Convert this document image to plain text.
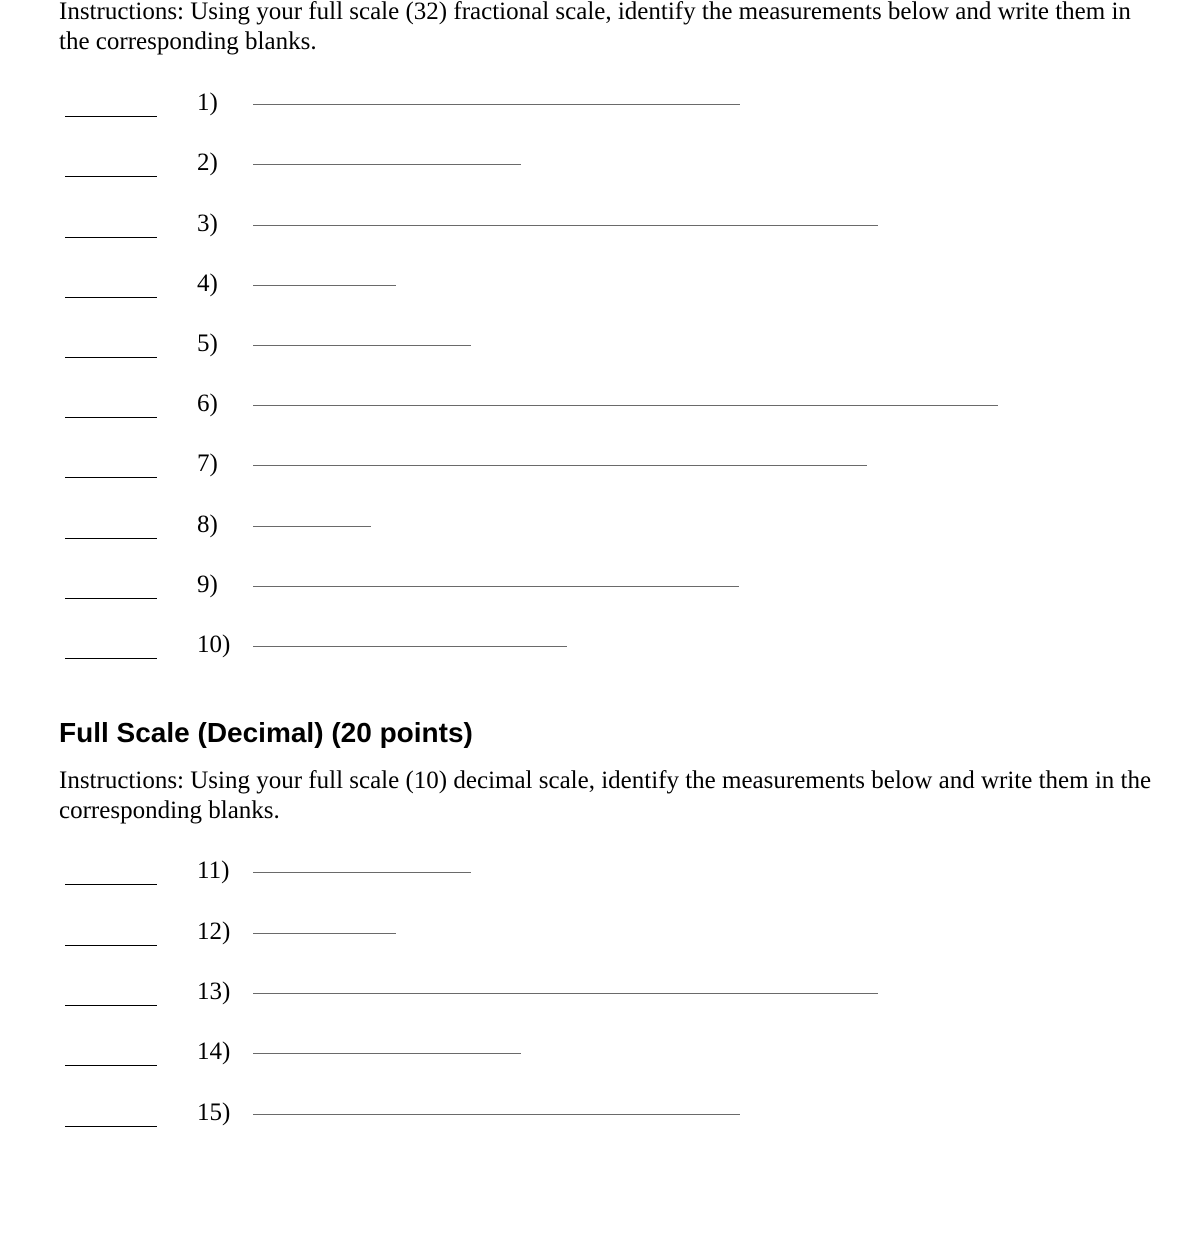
Instructions: Using your full scale (32) fractional scale, identify the measurements below and write them in the corresponding blanks.

1)
2)
3)
4)
5)
6)
7)
8)
9)
10)
Full Scale (Decimal) (20 points)

Instructions: Using your full scale (10) decimal scale, identify the measurements below and write them in the corresponding blanks.

11)
12)
13)
14)
15)
